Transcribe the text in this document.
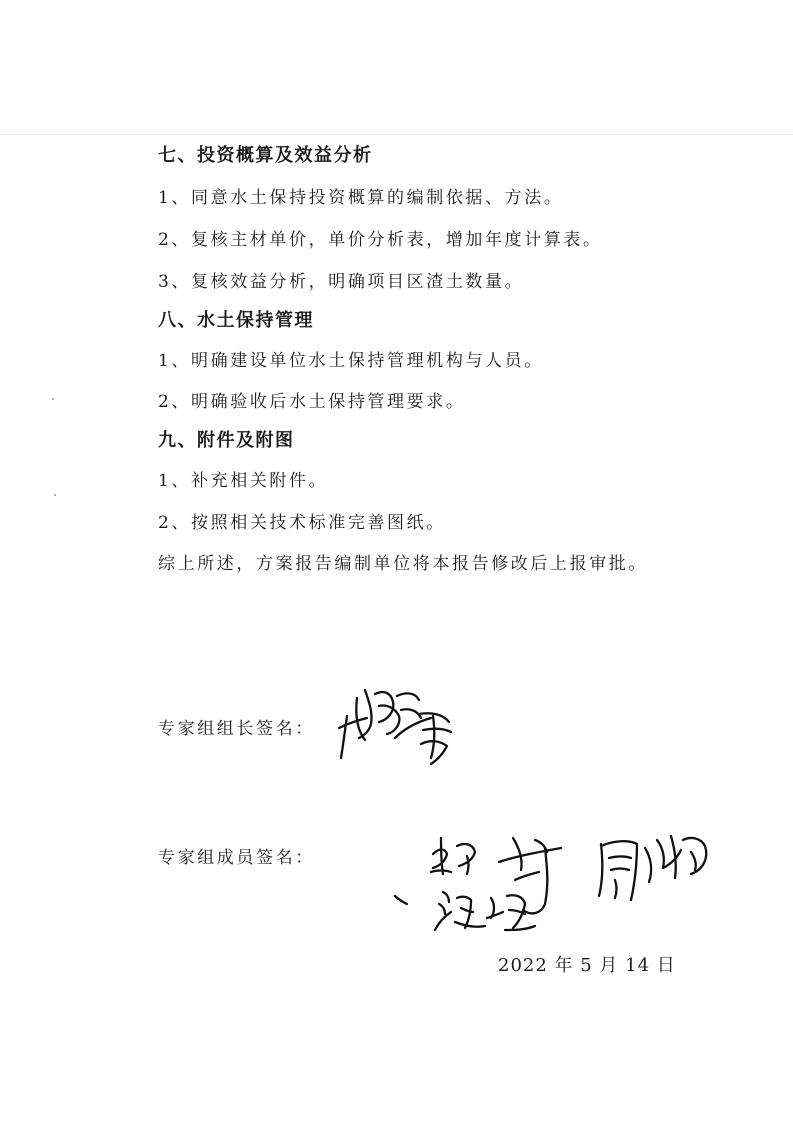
七、投资概算及效益分析
1、同意水土保持投资概算的编制依据、方法。
2、复核主材单价，单价分析表，增加年度计算表。
3、复核效益分析，明确项目区渣土数量。
八、水土保持管理
1、明确建设单位水土保持管理机构与人员。
2、明确验收后水土保持管理要求。
九、附件及附图
1、补充相关附件。
2、按照相关技术标准完善图纸。
综上所述，方案报告编制单位将本报告修改后上报审批。
专家组组长签名：
专家组成员签名：
2022 年 5 月 14 日
